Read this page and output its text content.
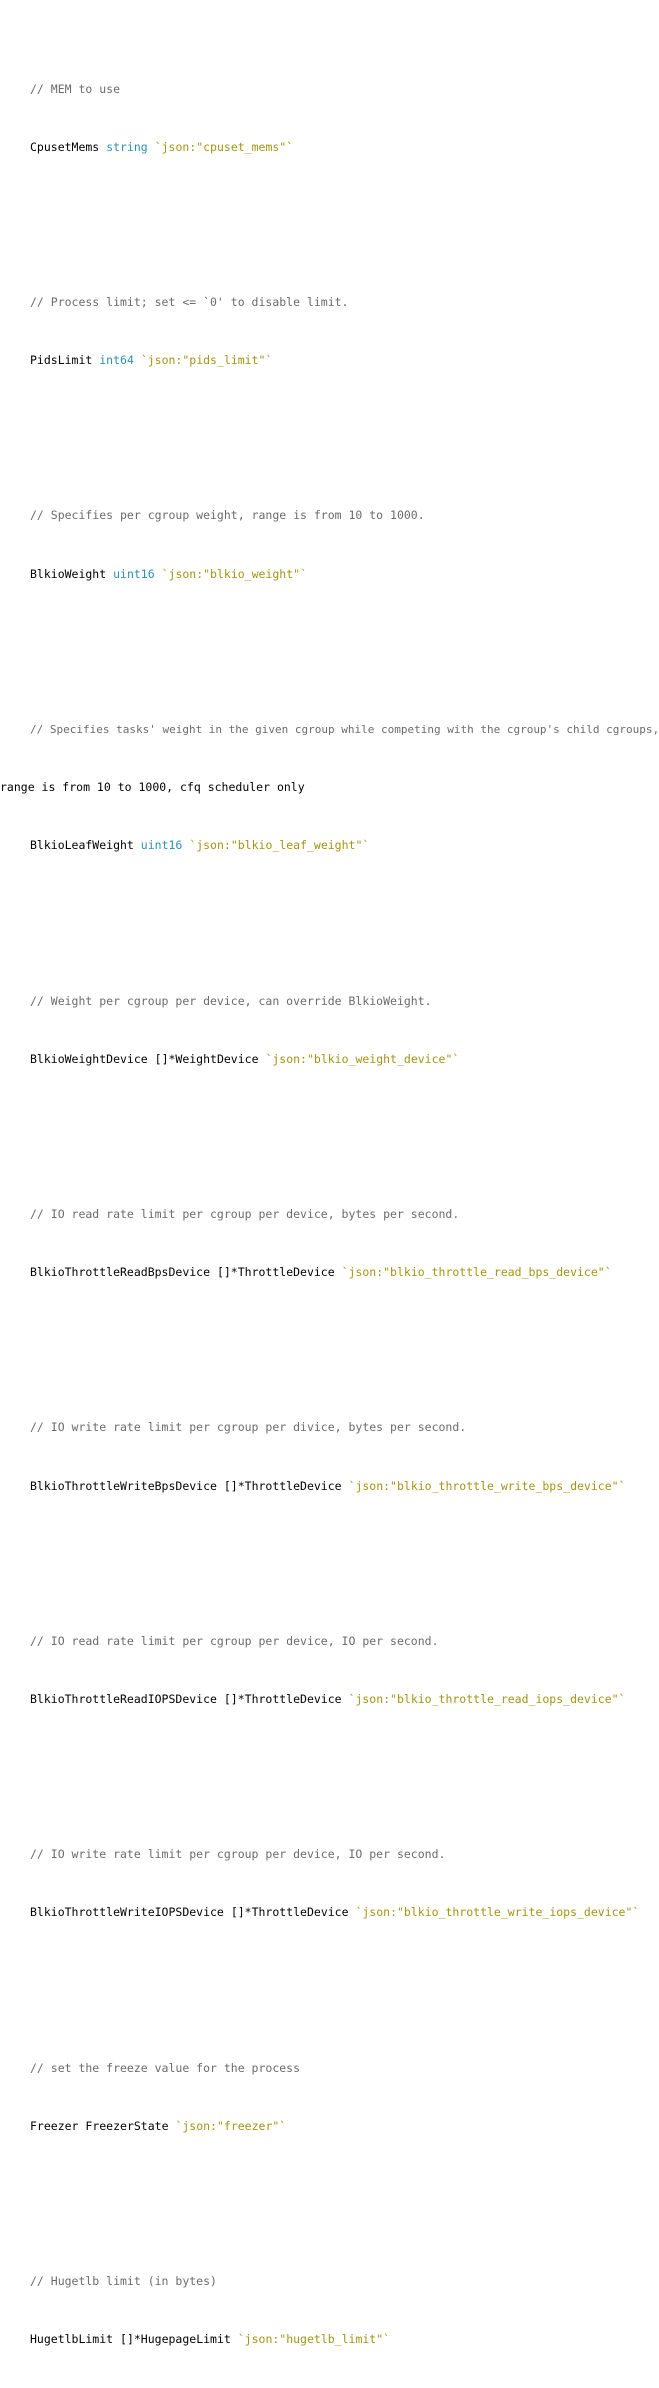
// MEM to use

CpusetMems string `json:"cpuset_mems"`

// Process limit; set <= `0' to disable limit.

PidsLimit int64 `json:"pids_limit"`

// Specifies per cgroup weight, range is from 10 to 1000.

BlkioWeight uint16 `json:"blkio_weight"`

// Specifies tasks' weight in the given cgroup while competing with the cgroup's child cgroups,

range is from 10 to 1000, cfq scheduler only

BlkioLeafWeight uint16 `json:"blkio_leaf_weight"`

// Weight per cgroup per device, can override BlkioWeight.

BlkioWeightDevice []*WeightDevice `json:"blkio_weight_device"`

// IO read rate limit per cgroup per device, bytes per second.

BlkioThrottleReadBpsDevice []*ThrottleDevice `json:"blkio_throttle_read_bps_device"`

// IO write rate limit per cgroup per divice, bytes per second.

BlkioThrottleWriteBpsDevice []*ThrottleDevice `json:"blkio_throttle_write_bps_device"`

// IO read rate limit per cgroup per device, IO per second.

BlkioThrottleReadIOPSDevice []*ThrottleDevice `json:"blkio_throttle_read_iops_device"`

// IO write rate limit per cgroup per device, IO per second.

BlkioThrottleWriteIOPSDevice []*ThrottleDevice `json:"blkio_throttle_write_iops_device"`

// set the freeze value for the process

Freezer FreezerState `json:"freezer"`

// Hugetlb limit (in bytes)

HugetlbLimit []*HugepageLimit `json:"hugetlb_limit"`
